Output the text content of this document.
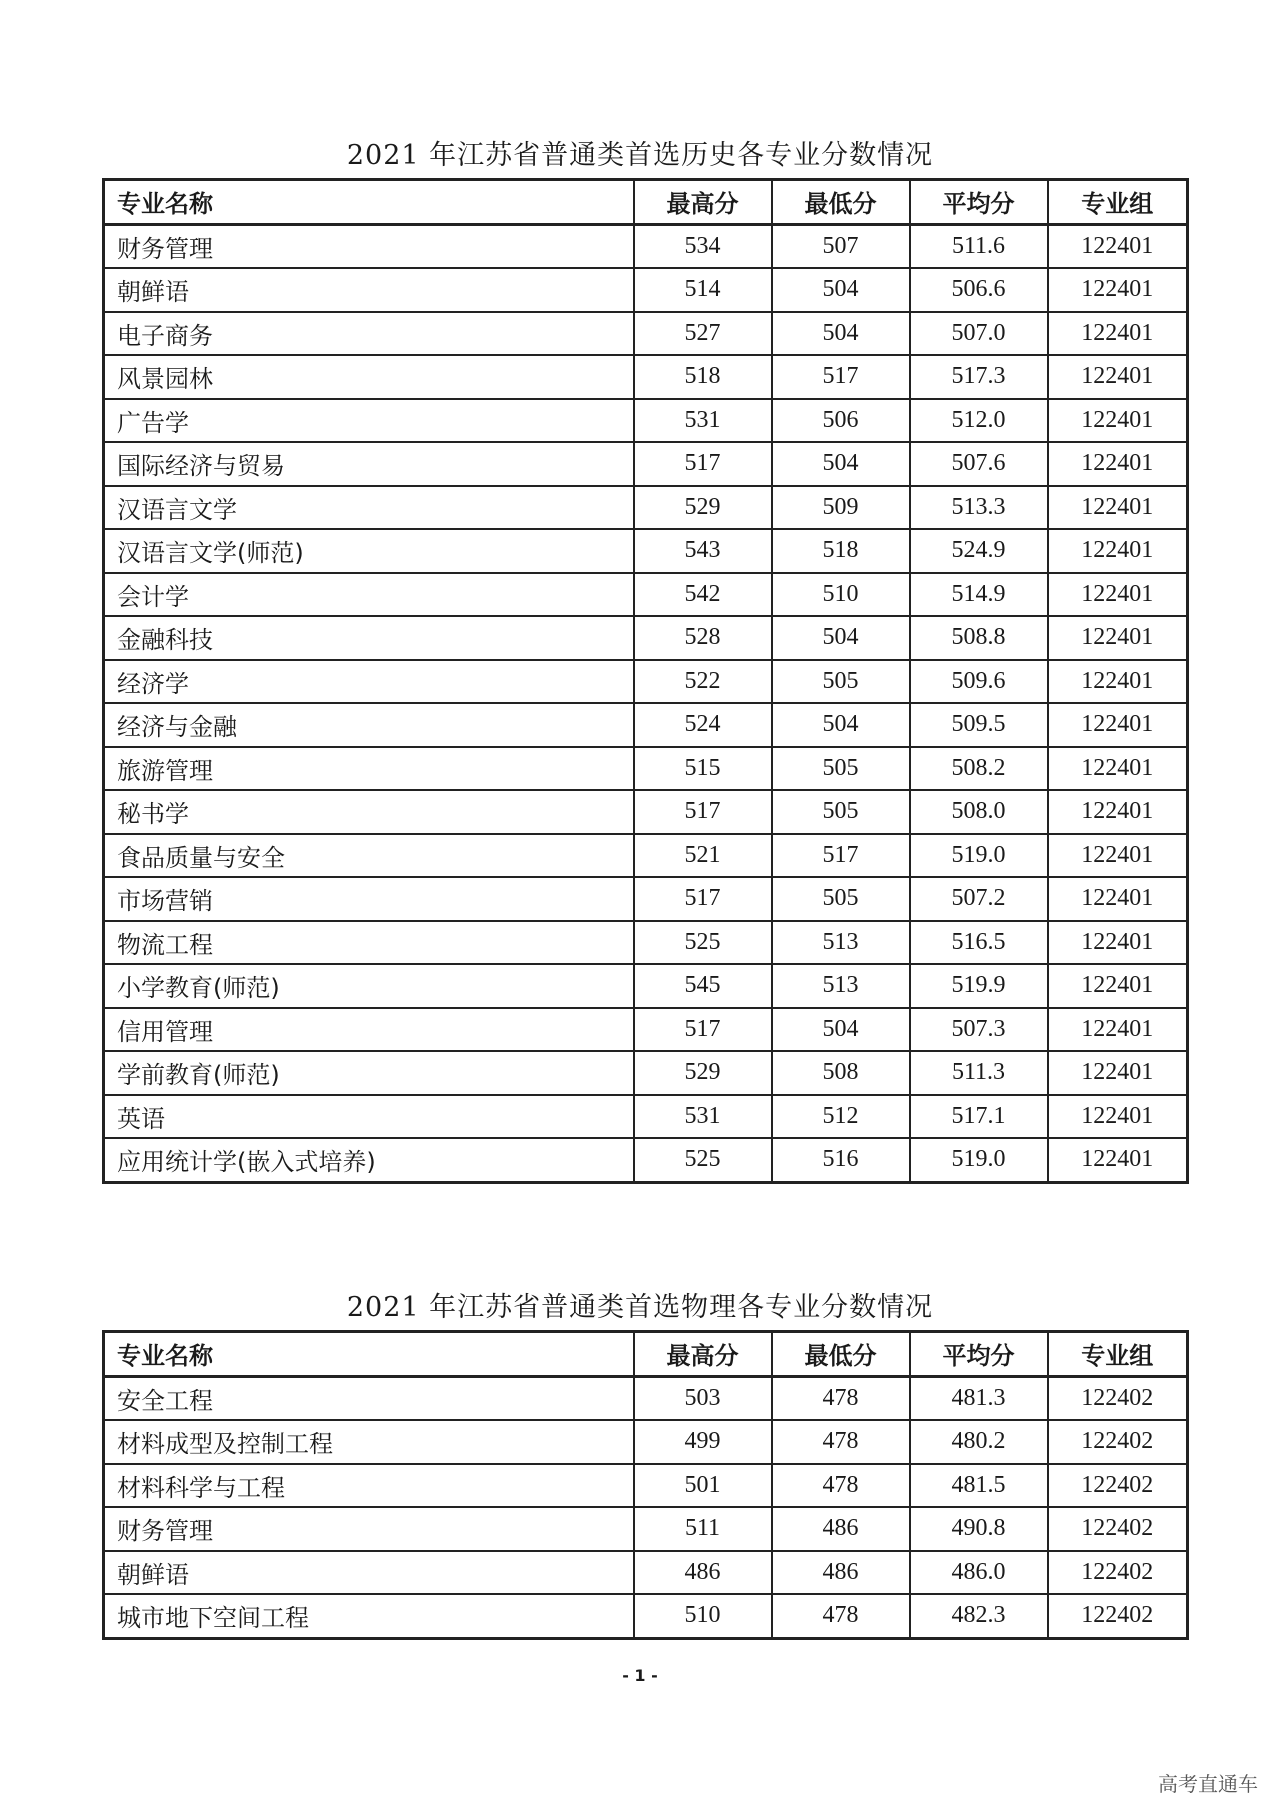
2021 年江苏省普通类首选历史各专业分数情况
专业名称	最高分	最低分	平均分	专业组
财务管理	534	507	511.6	122401
朝鲜语	514	504	506.6	122401
电子商务	527	504	507.0	122401
风景园林	518	517	517.3	122401
广告学	531	506	512.0	122401
国际经济与贸易	517	504	507.6	122401
汉语言文学	529	509	513.3	122401
汉语言文学(师范)	543	518	524.9	122401
会计学	542	510	514.9	122401
金融科技	528	504	508.8	122401
经济学	522	505	509.6	122401
经济与金融	524	504	509.5	122401
旅游管理	515	505	508.2	122401
秘书学	517	505	508.0	122401
食品质量与安全	521	517	519.0	122401
市场营销	517	505	507.2	122401
物流工程	525	513	516.5	122401
小学教育(师范)	545	513	519.9	122401
信用管理	517	504	507.3	122401
学前教育(师范)	529	508	511.3	122401
英语	531	512	517.1	122401
应用统计学(嵌入式培养)	525	516	519.0	122401
2021 年江苏省普通类首选物理各专业分数情况
专业名称	最高分	最低分	平均分	专业组
安全工程	503	478	481.3	122402
材料成型及控制工程	499	478	480.2	122402
材料科学与工程	501	478	481.5	122402
财务管理	511	486	490.8	122402
朝鲜语	486	486	486.0	122402
城市地下空间工程	510	478	482.3	122402
- 1 -
高考直通车
